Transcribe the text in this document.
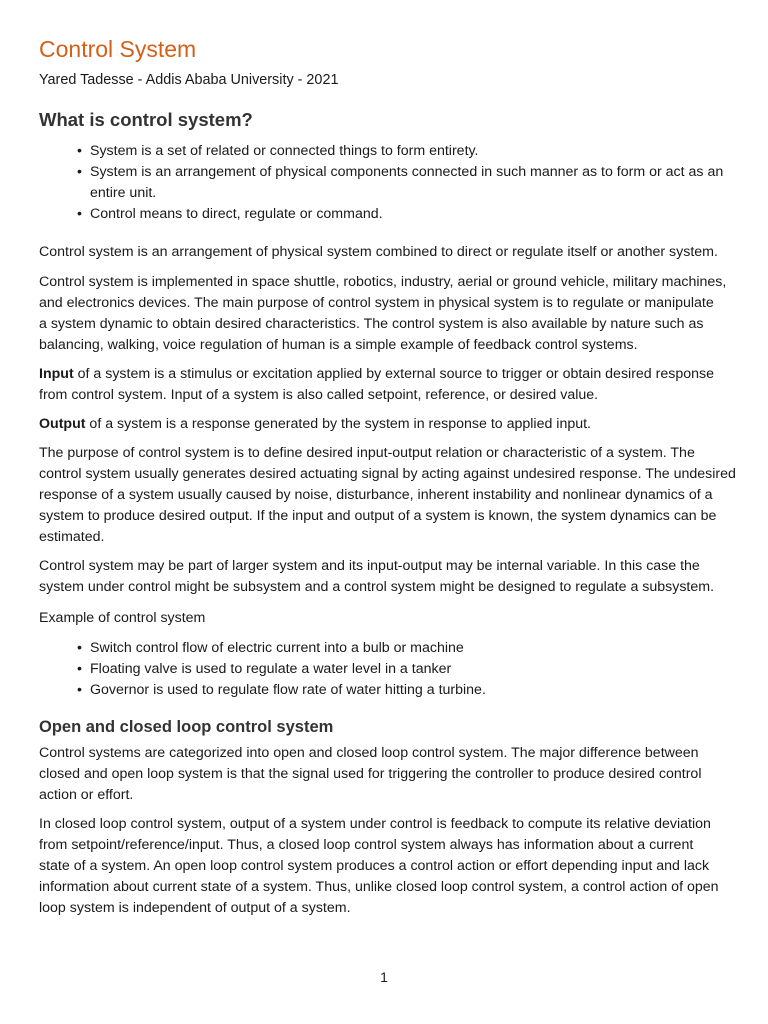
Control System

Yared Tadesse - Addis Ababa University - 2021

What is control system?
• System is a set of related or connected things to form entirety.
• System is an arrangement of physical components connected in such manner as to form or act as an
entire unit.
• Control means to direct, regulate or command.

Control system is an arrangement of physical system combined to direct or regulate itself or another system.

Control system is implemented in space shuttle, robotics, industry, aerial or ground vehicle, military machines,
and electronics devices. The main purpose of control system in physical system is to regulate or manipulate
a system dynamic to obtain desired characteristics. The control system is also available by nature such as
balancing, walking, voice regulation of human is a simple example of feedback control systems.

Input of a system is a stimulus or excitation applied by external source to trigger or obtain desired response
from control system. Input of a system is also called setpoint, reference, or desired value.

Output of a system is a response generated by the system in response to applied input.

The purpose of control system is to define desired input-output relation or characteristic of a system. The
control system usually generates desired actuating signal by acting against undesired response. The undesired
response of a system usually caused by noise, disturbance, inherent instability and nonlinear dynamics of a
system to produce desired output. If the input and output of a system is known, the system dynamics can be
estimated.

Control system may be part of larger system and its input-output may be internal variable. In this case the
system under control might be subsystem and a control system might be designed to regulate a subsystem.

Example of control system

• Switch control flow of electric current into a bulb or machine
• Floating valve is used to regulate a water level in a tanker
• Governor is used to regulate flow rate of water hitting a turbine.
Open and closed loop control system

Control systems are categorized into open and closed loop control system. The major difference between
closed and open loop system is that the signal used for triggering the controller to produce desired control
action or effort.

In closed loop control system, output of a system under control is feedback to compute its relative deviation
from setpoint/reference/input. Thus, a closed loop control system always has information about a current
state of a system. An open loop control system produces a control action or effort depending input and lack
information about current state of a system. Thus, unlike closed loop control system, a control action of open
loop system is independent of output of a system.

1
